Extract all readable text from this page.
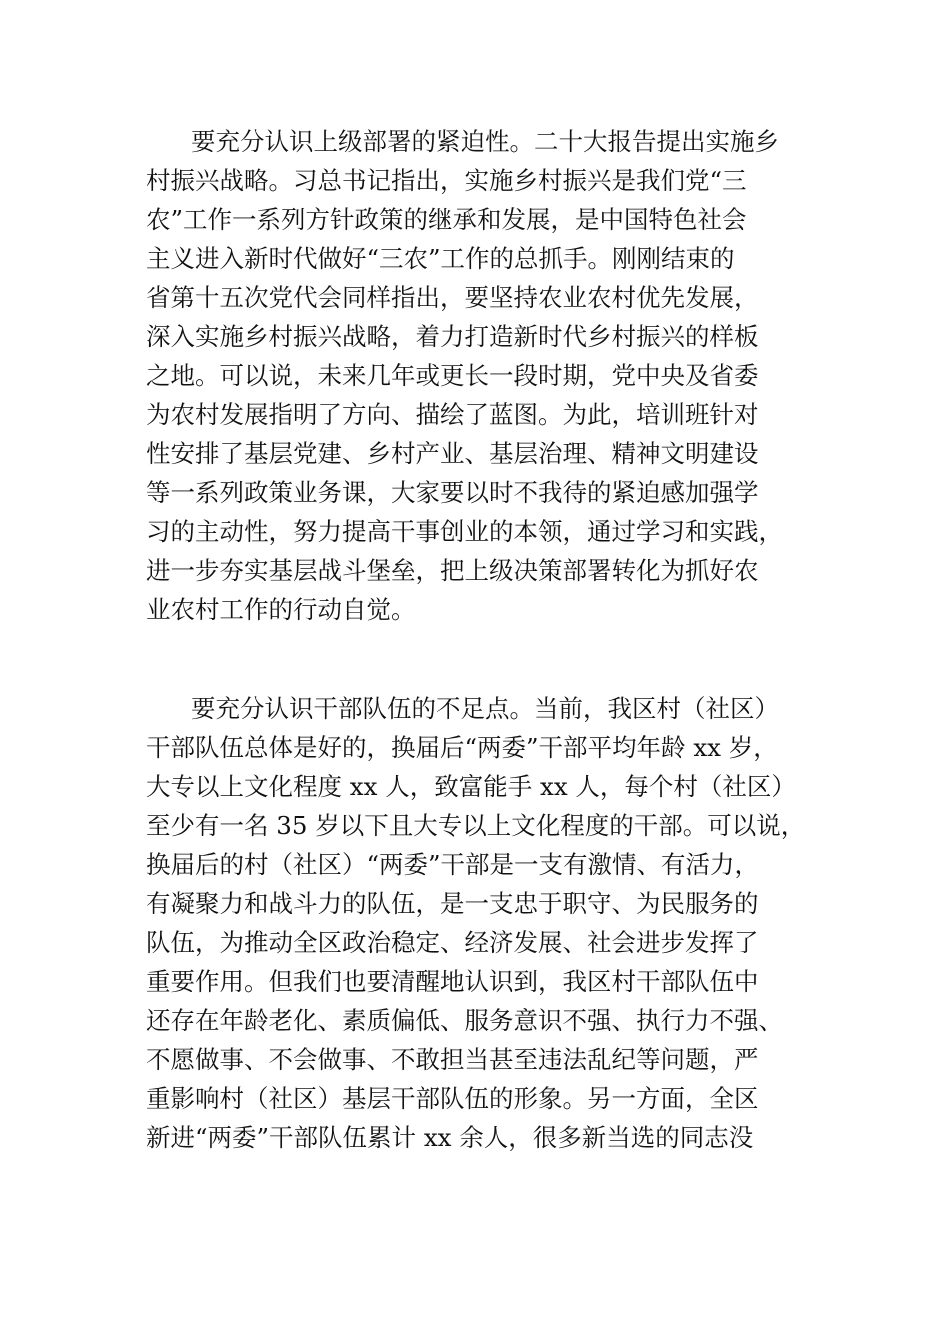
要充分认识上级部署的紧迫性。二十大报告提出实施乡
村振兴战略。习总书记指出，实施乡村振兴是我们党“三
农”工作一系列方针政策的继承和发展，是中国特色社会
主义进入新时代做好“三农”工作的总抓手。刚刚结束的
省第十五次党代会同样指出，要坚持农业农村优先发展，
深入实施乡村振兴战略，着力打造新时代乡村振兴的样板
之地。可以说，未来几年或更长一段时期，党中央及省委
为农村发展指明了方向、描绘了蓝图。为此，培训班针对
性安排了基层党建、乡村产业、基层治理、精神文明建设
等一系列政策业务课，大家要以时不我待的紧迫感加强学
习的主动性，努力提高干事创业的本领，通过学习和实践，
进一步夯实基层战斗堡垒，把上级决策部署转化为抓好农
业农村工作的行动自觉。
要充分认识干部队伍的不足点。当前，我区村（社区）
干部队伍总体是好的，换届后“两委”干部平均年龄 xx 岁，
大专以上文化程度 xx 人，致富能手 xx 人，每个村（社区）
至少有一名 35 岁以下且大专以上文化程度的干部。可以说，
换届后的村（社区）“两委”干部是一支有激情、有活力，
有凝聚力和战斗力的队伍，是一支忠于职守、为民服务的
队伍，为推动全区政治稳定、经济发展、社会进步发挥了
重要作用。但我们也要清醒地认识到，我区村干部队伍中
还存在年龄老化、素质偏低、服务意识不强、执行力不强、
不愿做事、不会做事、不敢担当甚至违法乱纪等问题，严
重影响村（社区）基层干部队伍的形象。另一方面，全区
新进“两委”干部队伍累计 xx 余人，很多新当选的同志没
